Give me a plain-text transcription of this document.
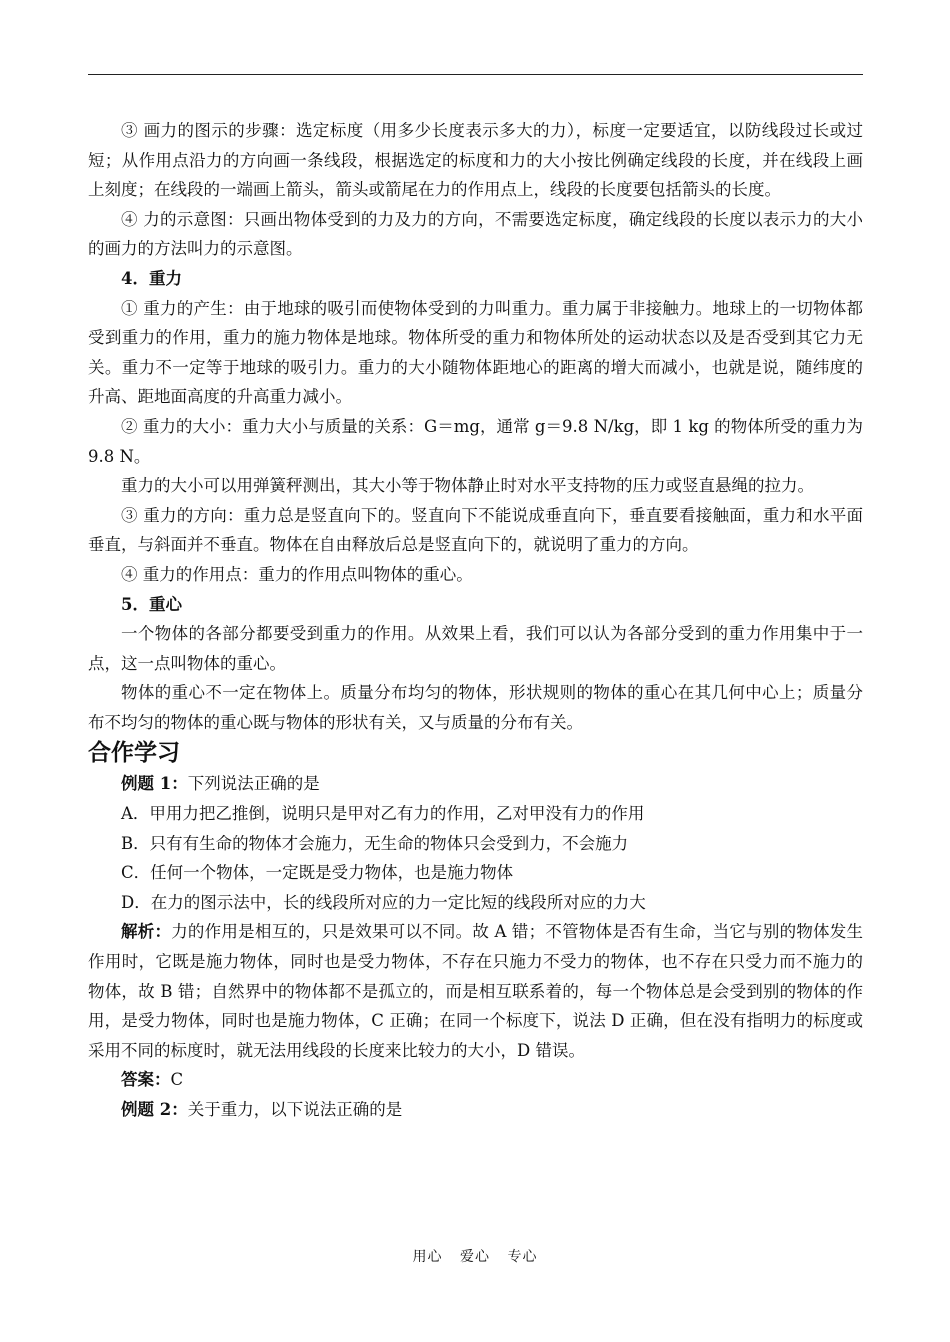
③ 画力的图示的步骤：选定标度（用多少长度表示多大的力），标度一定要适宜，以防线段过长或过短；从作用点沿力的方向画一条线段，根据选定的标度和力的大小按比例确定线段的长度，并在线段上画上刻度；在线段的一端画上箭头，箭头或箭尾在力的作用点上，线段的长度要包括箭头的长度。

④ 力的示意图：只画出物体受到的力及力的方向，不需要选定标度，确定线段的长度以表示力的大小的画力的方法叫力的示意图。

4．重力

① 重力的产生：由于地球的吸引而使物体受到的力叫重力。重力属于非接触力。地球上的一切物体都受到重力的作用，重力的施力物体是地球。物体所受的重力和物体所处的运动状态以及是否受到其它力无关。重力不一定等于地球的吸引力。重力的大小随物体距地心的距离的增大而减小，也就是说，随纬度的升高、距地面高度的升高重力减小。

② 重力的大小：重力大小与质量的关系：G＝mg，通常 g＝9.8 N/kg，即 1 kg 的物体所受的重力为 9.8 N。

重力的大小可以用弹簧秤测出，其大小等于物体静止时对水平支持物的压力或竖直悬绳的拉力。

③ 重力的方向：重力总是竖直向下的。竖直向下不能说成垂直向下，垂直要看接触面，重力和水平面垂直，与斜面并不垂直。物体在自由释放后总是竖直向下的，就说明了重力的方向。

④ 重力的作用点：重力的作用点叫物体的重心。

5．重心

一个物体的各部分都要受到重力的作用。从效果上看，我们可以认为各部分受到的重力作用集中于一点，这一点叫物体的重心。

物体的重心不一定在物体上。质量分布均匀的物体，形状规则的物体的重心在其几何中心上；质量分布不均匀的物体的重心既与物体的形状有关，又与质量的分布有关。

合作学习

例题 1：下列说法正确的是

A．甲用力把乙推倒，说明只是甲对乙有力的作用，乙对甲没有力的作用

B．只有有生命的物体才会施力，无生命的物体只会受到力，不会施力

C．任何一个物体，一定既是受力物体，也是施力物体

D．在力的图示法中，长的线段所对应的力一定比短的线段所对应的力大

解析：力的作用是相互的，只是效果可以不同。故 A 错；不管物体是否有生命，当它与别的物体发生作用时，它既是施力物体，同时也是受力物体，不存在只施力不受力的物体，也不存在只受力而不施力的物体，故 B 错；自然界中的物体都不是孤立的，而是相互联系着的，每一个物体总是会受到别的物体的作用，是受力物体，同时也是施力物体，C 正确；在同一个标度下，说法 D 正确，但在没有指明力的标度或采用不同的标度时，就无法用线段的长度来比较力的大小，D 错误。

答案：C

例题 2：关于重力，以下说法正确的是

用心 爱心 专心
